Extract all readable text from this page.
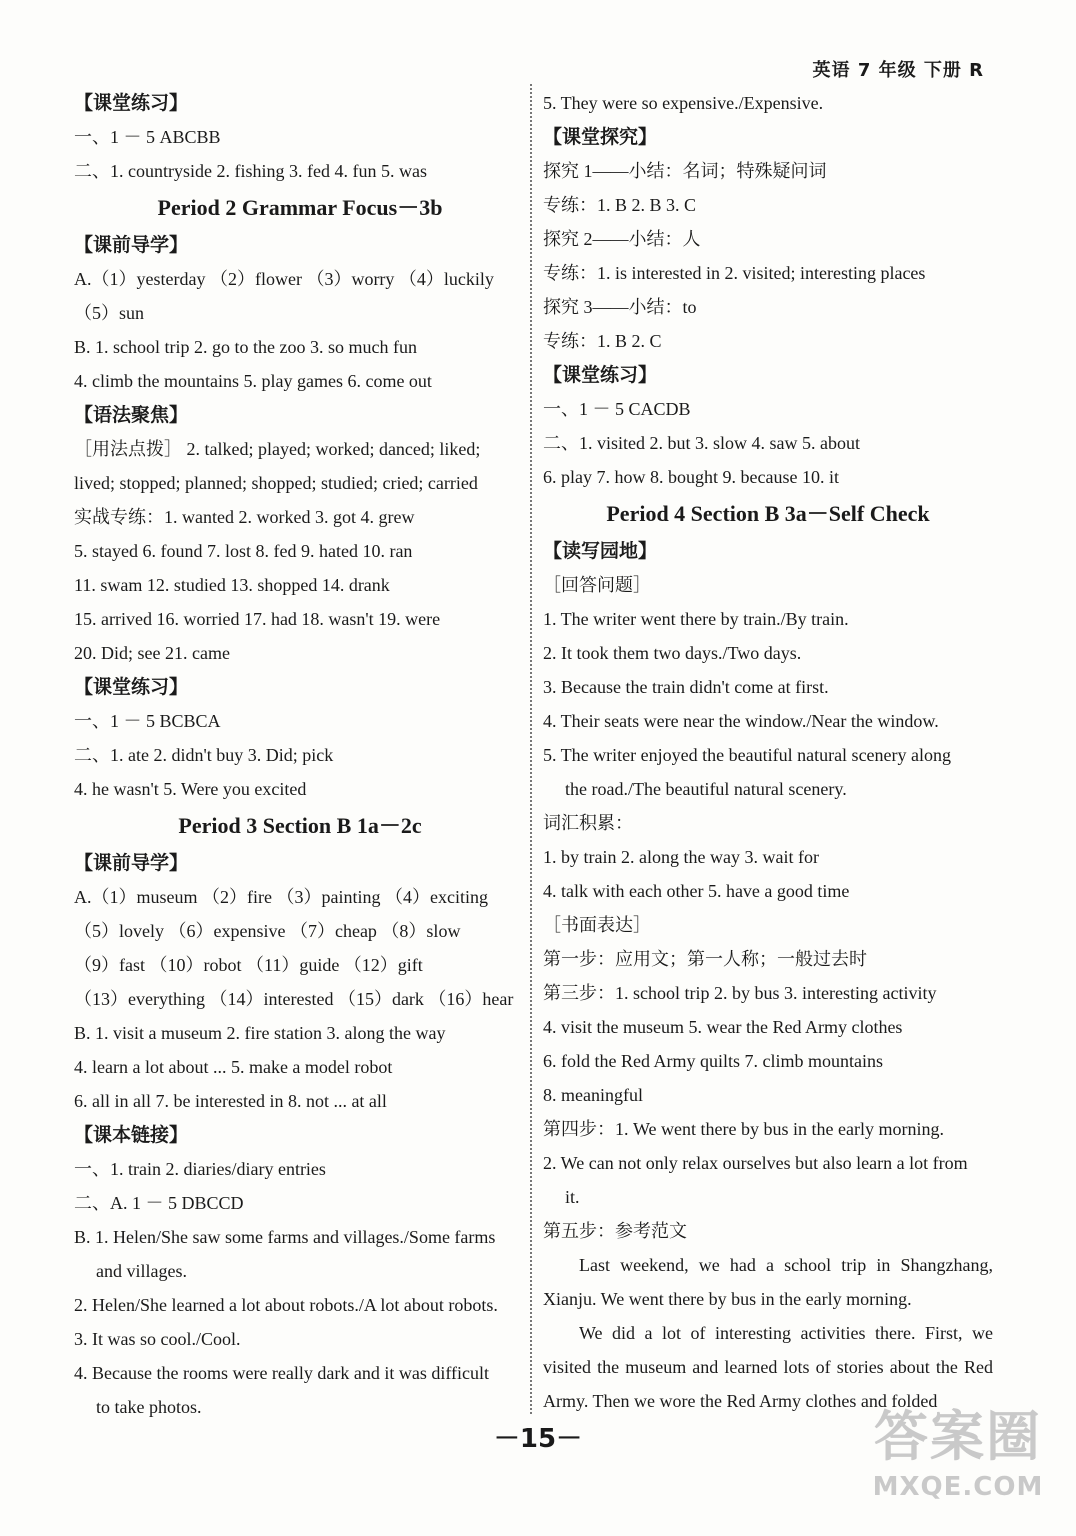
英语 7 年级 下册 R
【课堂练习】
一、1 － 5 ABCBB
二、1. countryside 2. fishing 3. fed 4. fun 5. was
Period 2 Grammar Focus－3b
【课前导学】
A.（1）yesterday （2）flower （3）worry （4）luckily
（5）sun
B. 1. school trip 2. go to the zoo 3. so much fun
4. climb the mountains 5. play games 6. come out
【语法聚焦】
［用法点拨］ 2. talked; played; worked; danced; liked;
lived; stopped; planned; shopped; studied; cried; carried
实战专练：1. wanted 2. worked 3. got 4. grew
5. stayed 6. found 7. lost 8. fed 9. hated 10. ran
11. swam 12. studied 13. shopped 14. drank
15. arrived 16. worried 17. had 18. wasn't 19. were
20. Did; see 21. came
【课堂练习】
一、1 － 5 BCBCA
二、1. ate 2. didn't buy 3. Did; pick
4. he wasn't 5. Were you excited
Period 3 Section B 1a－2c
【课前导学】
A.（1）museum （2）fire （3）painting （4）exciting
（5）lovely （6）expensive （7）cheap （8）slow
（9）fast （10）robot （11）guide （12）gift
（13）everything （14）interested （15）dark （16）hear
B. 1. visit a museum 2. fire station 3. along the way
4. learn a lot about ... 5. make a model robot
6. all in all 7. be interested in 8. not ... at all
【课本链接】
一、1. train 2. diaries/diary entries
二、A. 1 － 5 DBCCD
B. 1. Helen/She saw some farms and villages./Some farms
and villages.
2. Helen/She learned a lot about robots./A lot about robots.
3. It was so cool./Cool.
4. Because the rooms were really dark and it was difficult
to take photos.
5. They were so expensive./Expensive.
【课堂探究】
探究 1——小结：名词；特殊疑问词
专练：1. B 2. B 3. C
探究 2——小结：人
专练：1. is interested in 2. visited; interesting places
探究 3——小结：to
专练：1. B 2. C
【课堂练习】
一、1 － 5 CACDB
二、1. visited 2. but 3. slow 4. saw 5. about
6. play 7. how 8. bought 9. because 10. it
Period 4 Section B 3a－Self Check
【读写园地】
［回答问题］
1. The writer went there by train./By train.
2. It took them two days./Two days.
3. Because the train didn't come at first.
4. Their seats were near the window./Near the window.
5. The writer enjoyed the beautiful natural scenery along
the road./The beautiful natural scenery.
词汇积累：
1. by train 2. along the way 3. wait for
4. talk with each other 5. have a good time
［书面表达］
第一步：应用文；第一人称；一般过去时
第三步：1. school trip 2. by bus 3. interesting activity
4. visit the museum 5. wear the Red Army clothes
6. fold the Red Army quilts 7. climb mountains
8. meaningful
第四步：1. We went there by bus in the early morning.
2. We can not only relax ourselves but also learn a lot from
it.
第五步：参考范文
Last weekend, we had a school trip in Shangzhang, Xianju. We went there by bus in the early morning.
We did a lot of interesting activities there. First, we visited the museum and learned lots of stories about the Red Army. Then we wore the Red Army clothes and folded
－15－	答案圈
MXQE.COM
